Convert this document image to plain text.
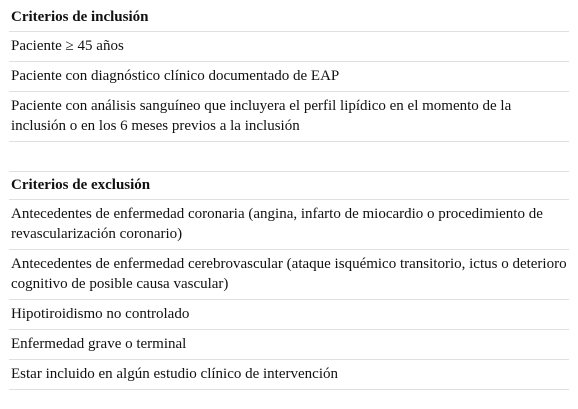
Criterios de inclusión
Paciente ≥ 45 años
Paciente con diagnóstico clínico documentado de EAP
Paciente con análisis sanguíneo que incluyera el perfil lipídico en el momento de la inclusión o en los 6 meses previos a la inclusión

Criterios de exclusión
Antecedentes de enfermedad coronaria (angina, infarto de miocardio o procedimiento de revascularización coronario)
Antecedentes de enfermedad cerebrovascular (ataque isquémico transitorio, ictus o deterioro cognitivo de posible causa vascular)
Hipotiroidismo no controlado
Enfermedad grave o terminal
Estar incluido en algún estudio clínico de intervención
